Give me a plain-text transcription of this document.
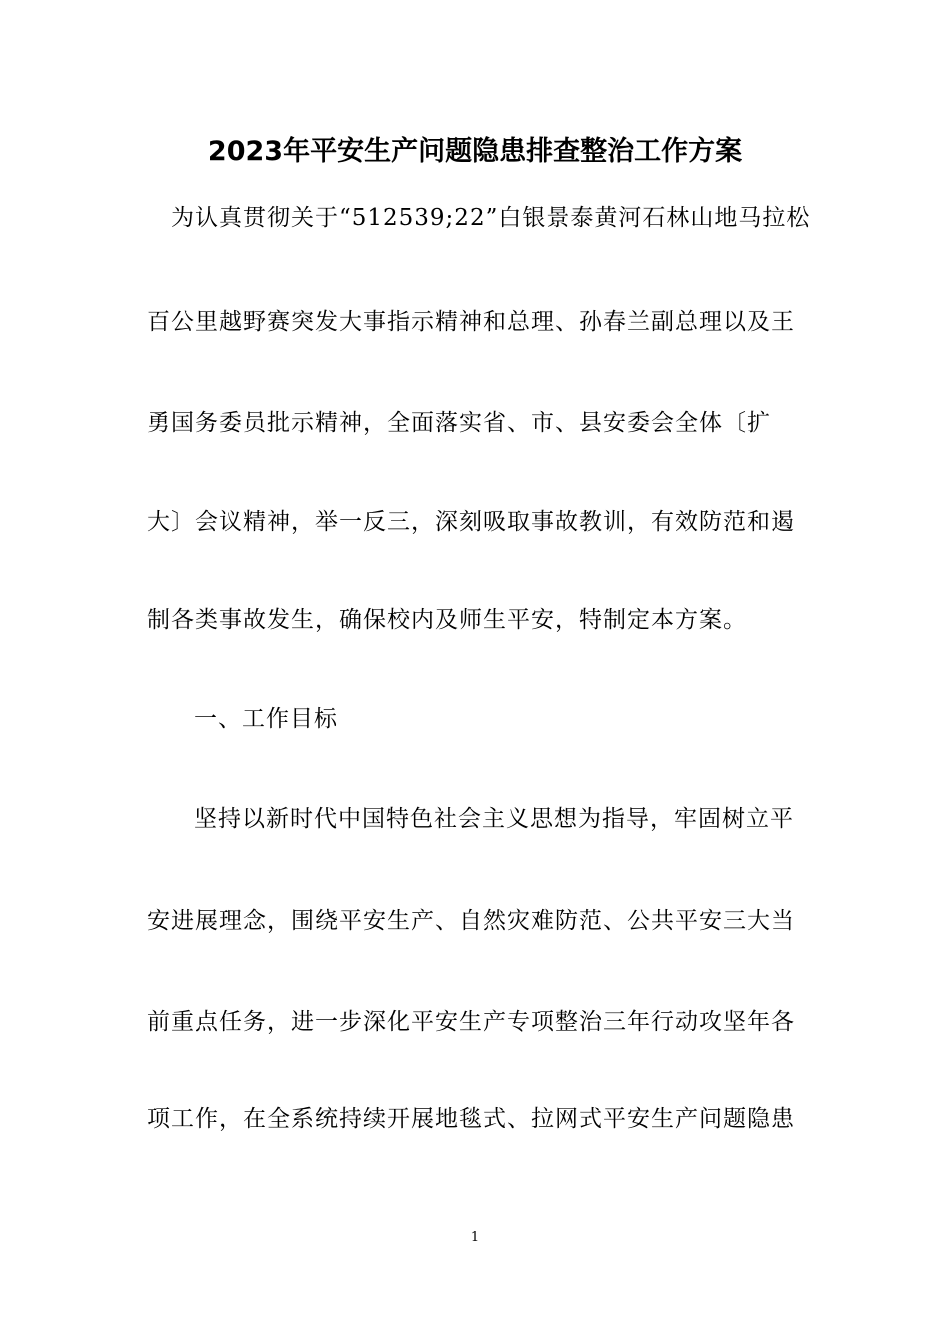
2023年平安生产问题隐患排查整治工作方案
为认真贯彻关于“512539;22”白银景泰黄河石林山地马拉松
百公里越野赛突发大事指示精神和总理、孙春兰副总理以及王
勇国务委员批示精神，全面落实省、市、县安委会全体〔扩
大〕会议精神，举一反三，深刻吸取事故教训，有效防范和遏
制各类事故发生，确保校内及师生平安，特制定本方案。
一、工作目标
坚持以新时代中国特色社会主义思想为指导，牢固树立平
安进展理念，围绕平安生产、自然灾难防范、公共平安三大当
前重点任务，进一步深化平安生产专项整治三年行动攻坚年各
项工作，在全系统持续开展地毯式、拉网式平安生产问题隐患
1
